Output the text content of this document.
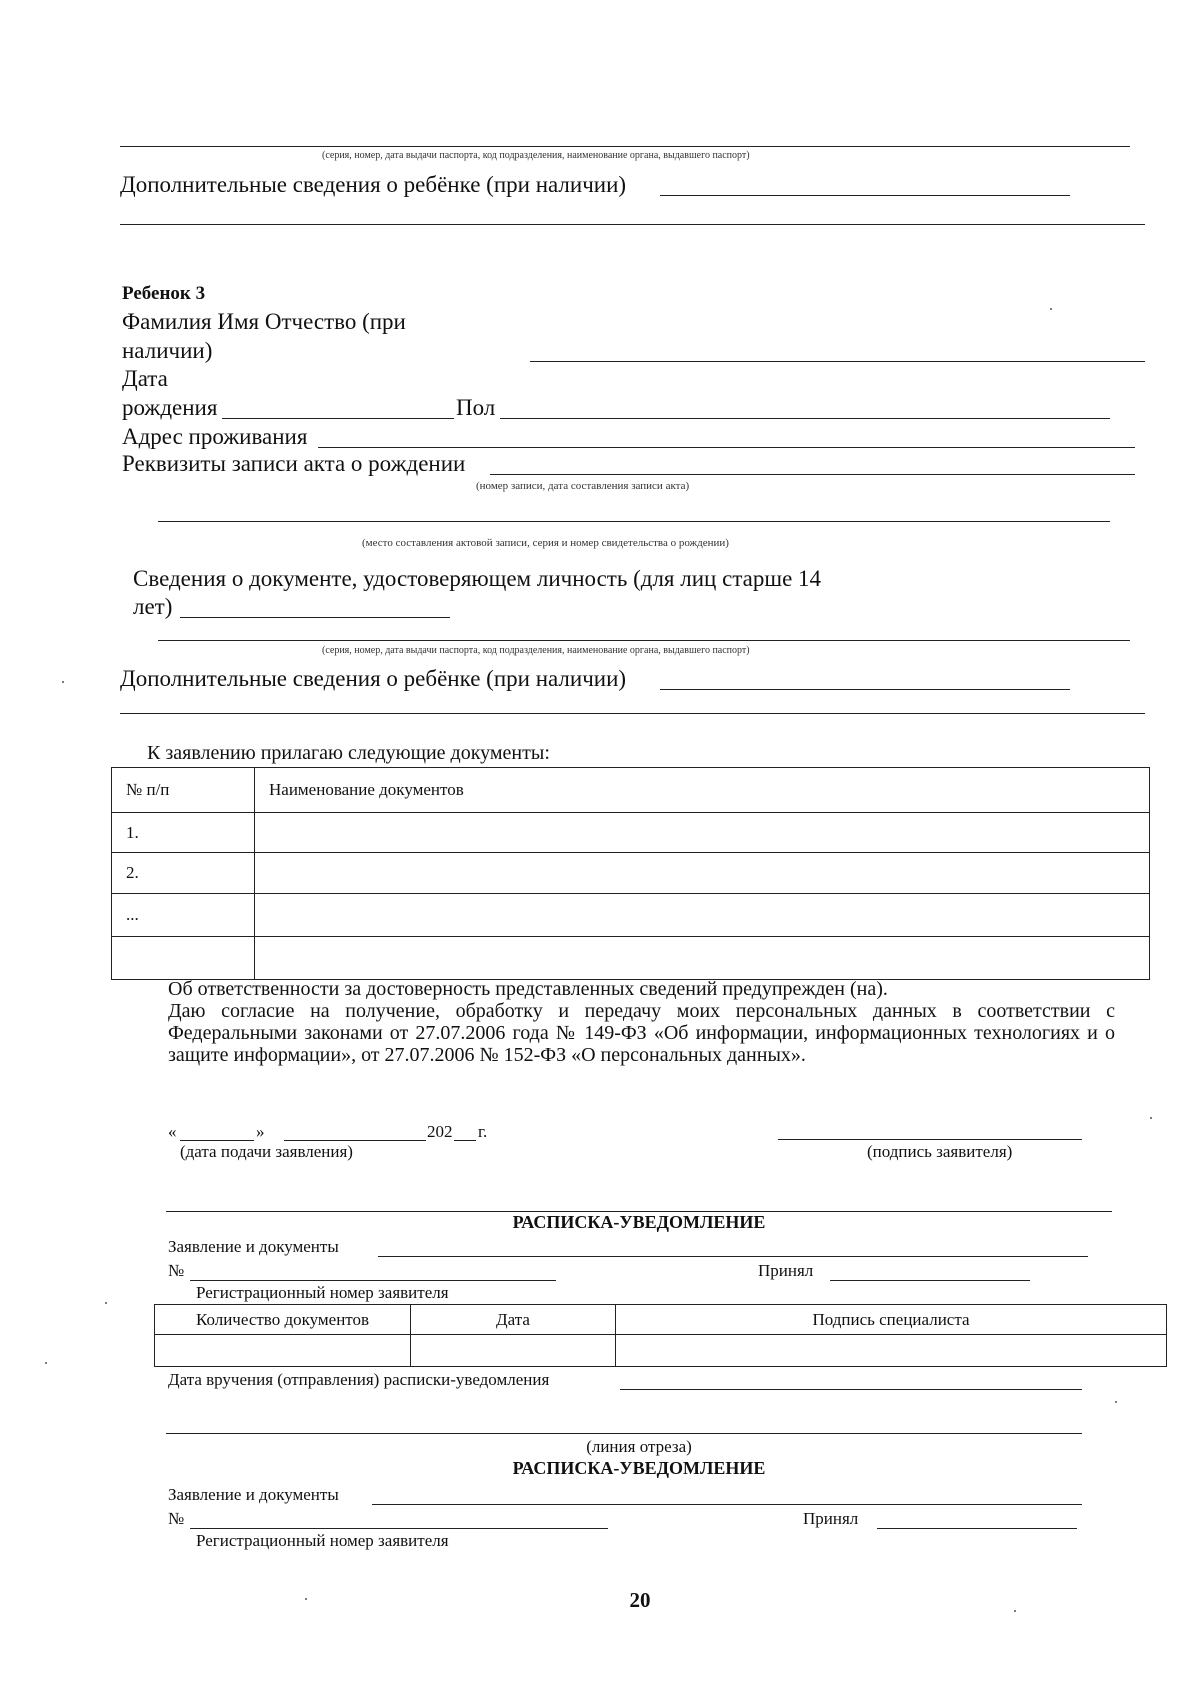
(серия, номер, дата выдачи паспорта, код подразделения, наименование органа, выдавшего паспорт)
Дополнительные сведения о ребёнке (при наличии)
Ребенок 3
Фамилия Имя Отчество (при
наличии)
Дата
рождения	Пол
Адрес проживания
Реквизиты записи акта о рождении
(номер записи, дата составления записи акта)
(место составления актовой записи, серия и номер свидетельства о рождении)
Сведения о документе, удостоверяющем личность (для лиц старше 14
лет)
(серия, номер, дата выдачи паспорта, код подразделения, наименование органа, выдавшего паспорт)
Дополнительные сведения о ребёнке (при наличии)
К заявлению прилагаю следующие документы:
№ п/п	Наименование документов
1.	
2.	
...	

Об ответственности за достоверность представленных сведений предупрежден (на).
Даю согласие на получение, обработку и передачу моих персональных данных в соответствии с Федеральными законами от 27.07.2006 года № 149-ФЗ «Об информации, информационных технологиях и о защите информации», от 27.07.2006 № 152-ФЗ «О персональных данных».
«	»	202 г.
(дата подачи заявления)	(подпись заявителя)
РАСПИСКА-УВЕДОМЛЕНИЕ
Заявление и документы
№	Принял
Регистрационный номер заявителя
Количество документов	Дата	Подпись специалиста

Дата вручения (отправления) расписки-уведомления
(линия отреза)
РАСПИСКА-УВЕДОМЛЕНИЕ
Заявление и документы
№	Принял
Регистрационный номер заявителя
20
